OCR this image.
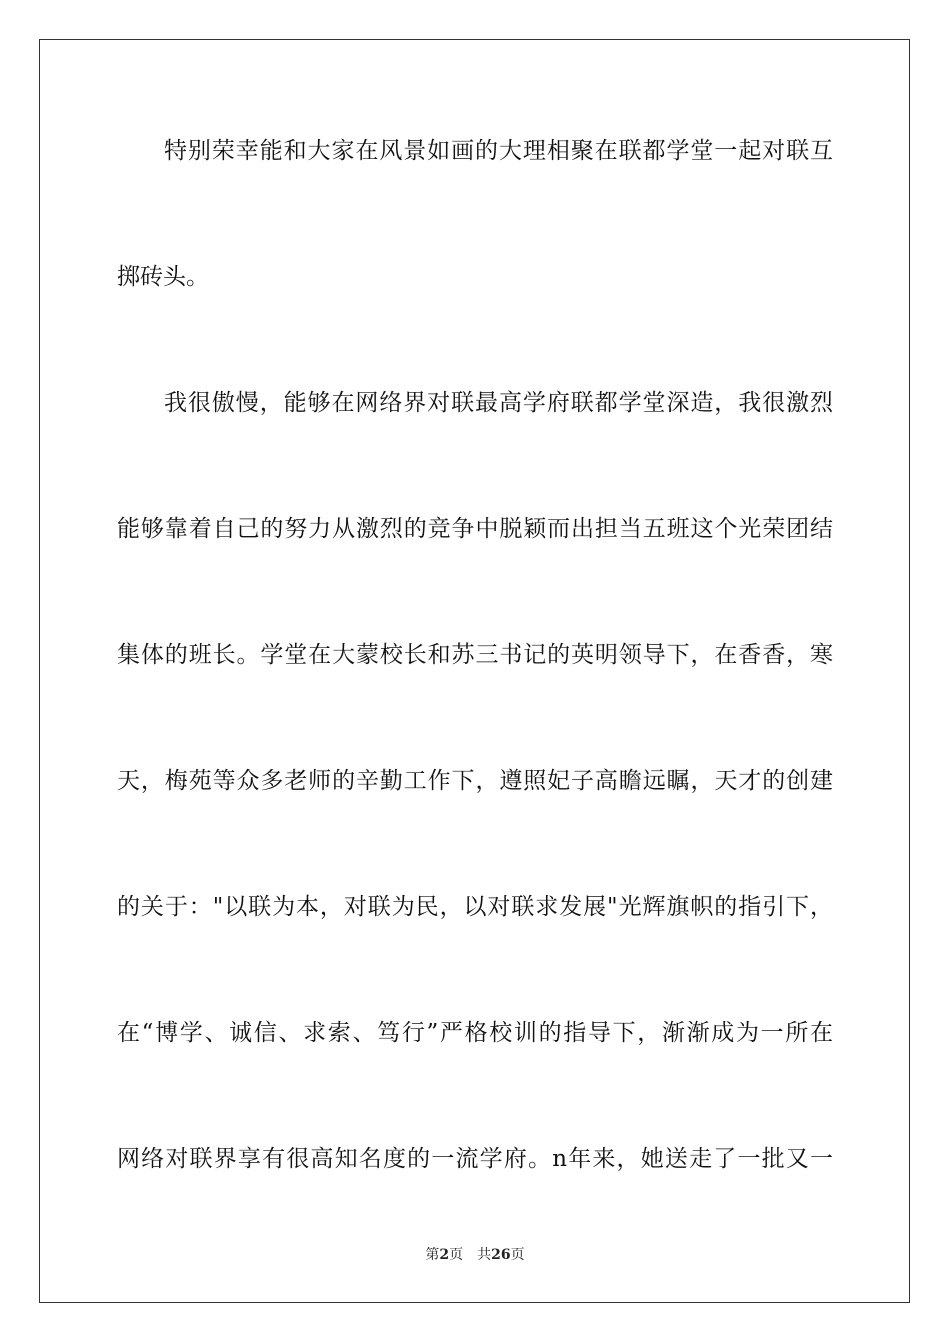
特别荣幸能和大家在风景如画的大理相聚在联都学堂一起对联互
掷砖头。
我很傲慢，能够在网络界对联最高学府联都学堂深造，我很激烈
能够靠着自己的努力从激烈的竞争中脱颖而出担当五班这个光荣团结
集体的班长。学堂在大蒙校长和苏三书记的英明领导下，在香香，寒
天，梅苑等众多老师的辛勤工作下，遵照妃子高瞻远瞩，天才的创建
的关于："以联为本，对联为民，以对联求发展"光辉旗帜的指引下，
在“博学、诚信、求索、笃行”严格校训的指导下，渐渐成为一所在
网络对联界享有很高知名度的一流学府。n年来，她送走了一批又一
第2页 共26页
